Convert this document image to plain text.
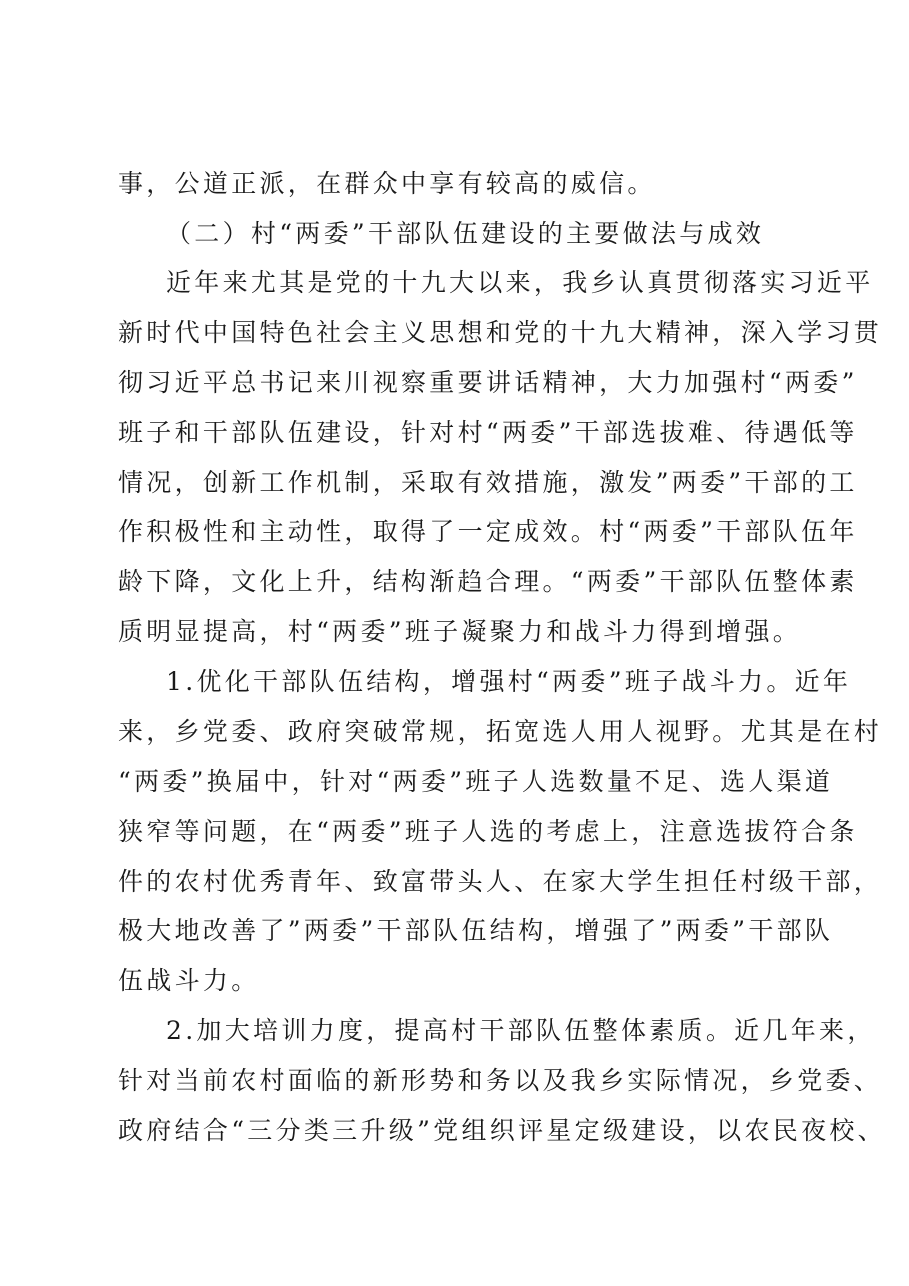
事，公道正派，在群众中享有较高的威信。
（二）村“两委”干部队伍建设的主要做法与成效
近年来尤其是党的十九大以来，我乡认真贯彻落实习近平
新时代中国特色社会主义思想和党的十九大精神，深入学习贯
彻习近平总书记来川视察重要讲话精神，大力加强村“两委”
班子和干部队伍建设，针对村“两委”干部选拔难、待遇低等
情况，创新工作机制，采取有效措施，激发”两委”干部的工
作积极性和主动性，取得了一定成效。村“两委”干部队伍年
龄下降，文化上升，结构渐趋合理。“两委”干部队伍整体素
质明显提高，村“两委”班子凝聚力和战斗力得到增强。
1.优化干部队伍结构，增强村“两委”班子战斗力。近年
来，乡党委、政府突破常规，拓宽选人用人视野。尤其是在村
“两委”换届中，针对“两委”班子人选数量不足、选人渠道
狭窄等问题，在“两委”班子人选的考虑上，注意选拔符合条
件的农村优秀青年、致富带头人、在家大学生担任村级干部，
极大地改善了”两委”干部队伍结构，增强了”两委”干部队
伍战斗力。
2.加大培训力度，提高村干部队伍整体素质。近几年来，
针对当前农村面临的新形势和务以及我乡实际情况，乡党委、
政府结合“三分类三升级”党组织评星定级建设，以农民夜校、
